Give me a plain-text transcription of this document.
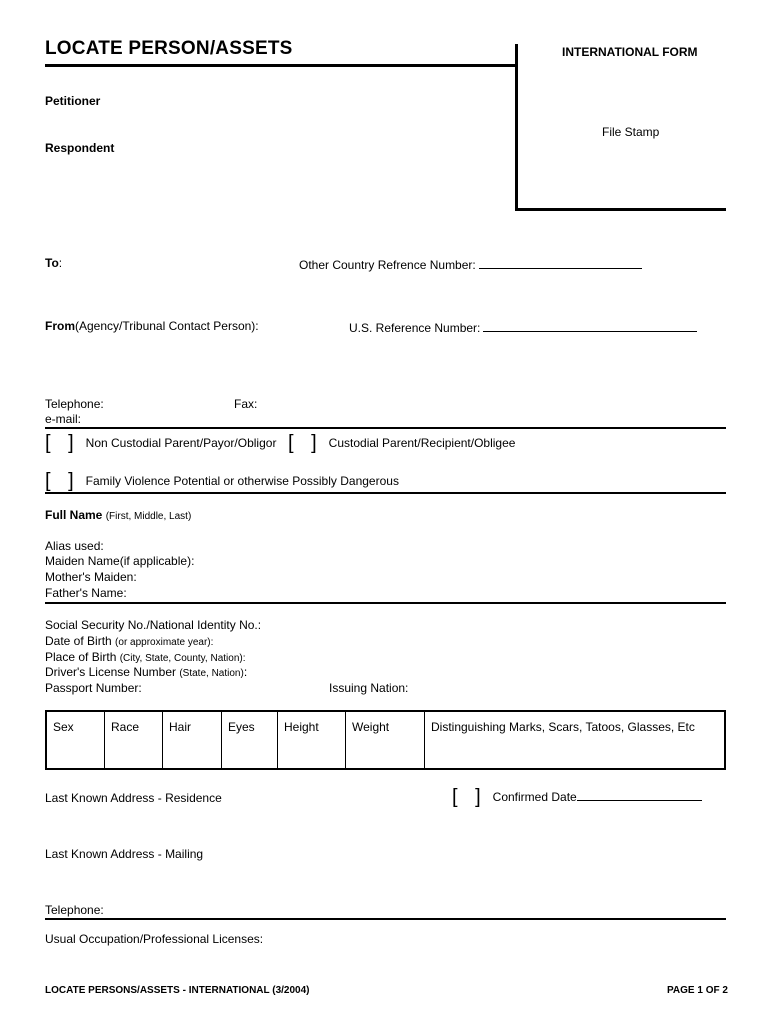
LOCATE PERSON/ASSETS	INTERNATIONAL FORM
Petitioner
Respondent
File Stamp
To:	Other Country Refrence Number:
From(Agency/Tribunal Contact Person):	U.S. Reference Number:
Telephone:	Fax:
e-mail:
[ ] Non Custodial Parent/Payor/Obligor [ ] Custodial Parent/Recipient/Obligee
[ ] Family Violence Potential or otherwise Possibly Dangerous
Full Name (First, Middle, Last)
Alias used:
Maiden Name(if applicable):
Mother's Maiden:
Father's Name:
Social Security No./National Identity No.:
Date of Birth (or approximate year):
Place of Birth (City, State, County, Nation):
Driver's License Number (State, Nation):
Passport Number:	Issuing Nation:
Sex	Race	Hair	Eyes	Height	Weight	Distinguishing Marks, Scars, Tatoos, Glasses, Etc
Last Known Address - Residence	[ ] Confirmed Date
Last Known Address - Mailing
Telephone:
Usual Occupation/Professional Licenses:
LOCATE PERSONS/ASSETS - INTERNATIONAL (3/2004)	PAGE 1 OF 2
